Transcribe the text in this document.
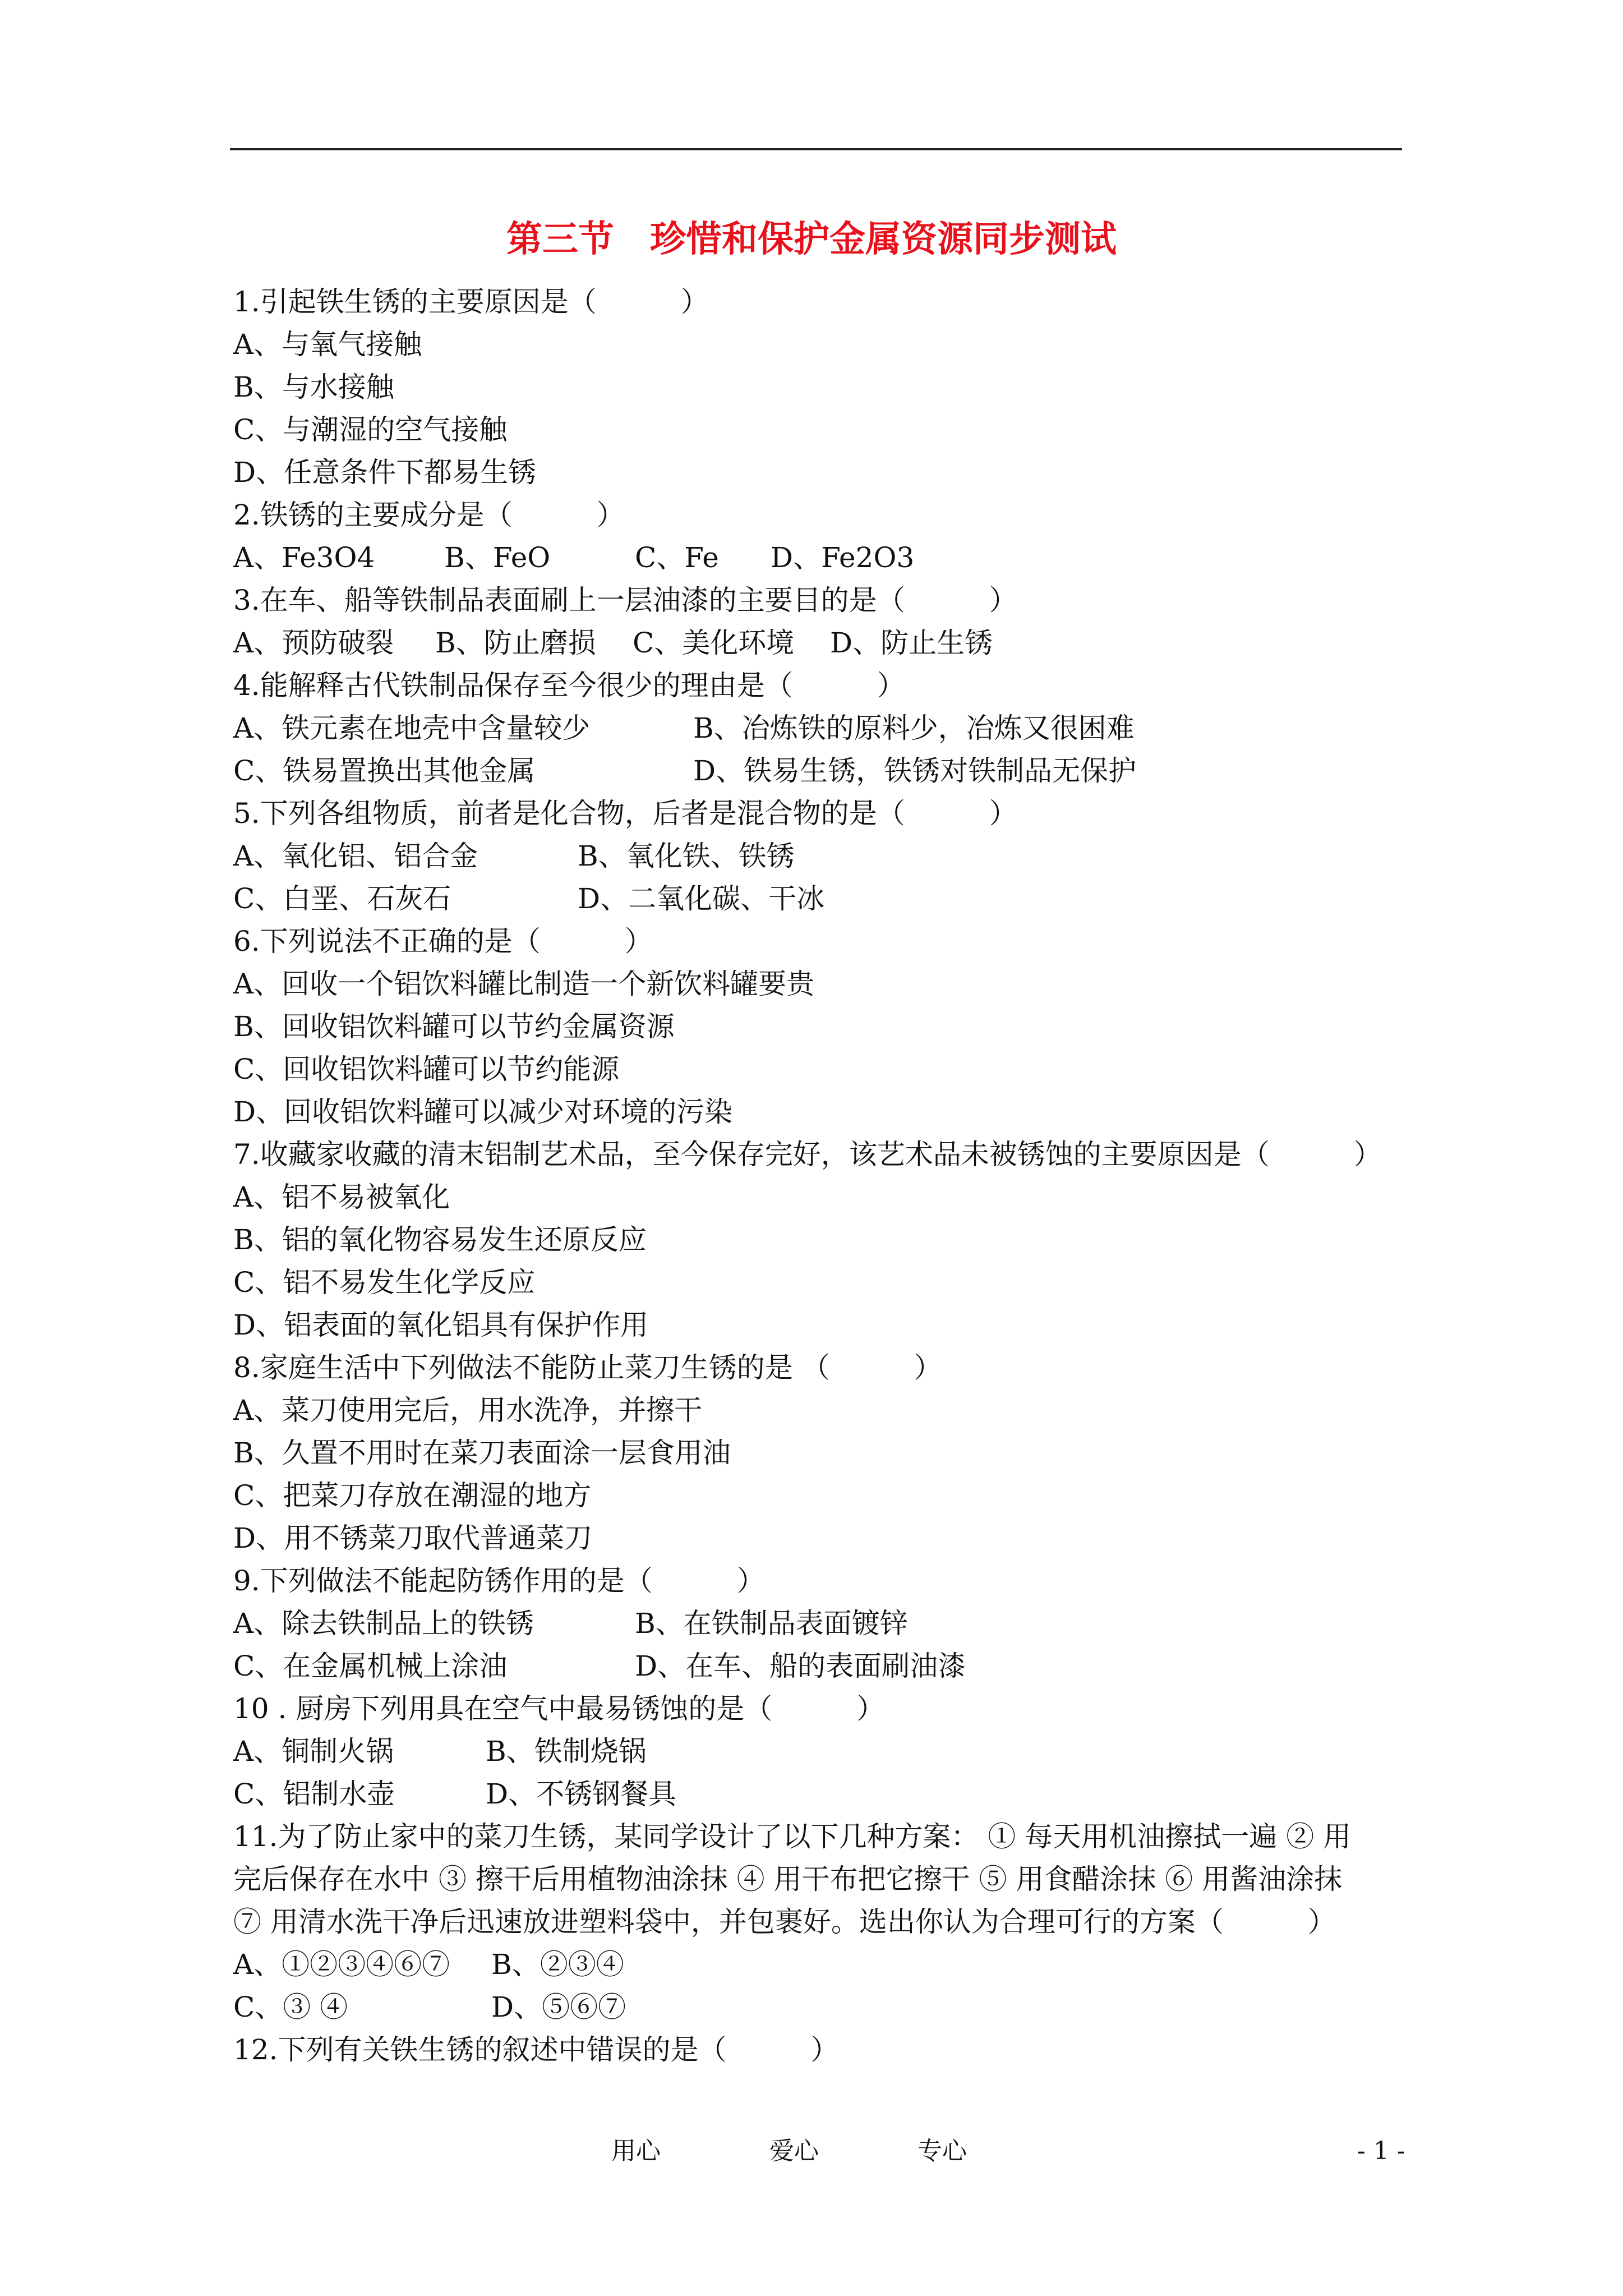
第三节　珍惜和保护金属资源同步测试
1.引起铁生锈的主要原因是（　　　）
A、与氧气接触
B、与水接触
C、与潮湿的空气接触
D、任意条件下都易生锈
2.铁锈的主要成分是（　　　）

A、Fe3O4

B、FeO

	C、Fe

D、Fe2O3

3.在车、船等铁制品表面刷上一层油漆的主要目的是（　　　）

A、预防破裂

B、防止磨损

C、美化环境

D、防止生锈

4.能解释古代铁制品保存至今很少的理由是（　　　）

A、铁元素在地壳中含量较少

	B、冶炼铁的原料少，冶炼又很困难

C、铁易置换出其他金属

	D、铁易生锈，铁锈对铁制品无保护

5.下列各组物质，前者是化合物，后者是混合物的是（　　　）

A、氧化铝、铝合金

	B、氧化铁、铁锈

C、白垩、石灰石

	D、二氧化碳、干冰

6.下列说法不正确的是（　　　）
A、回收一个铝饮料罐比制造一个新饮料罐要贵
B、回收铝饮料罐可以节约金属资源
C、回收铝饮料罐可以节约能源
D、回收铝饮料罐可以减少对环境的污染
7.收藏家收藏的清末铝制艺术品，至今保存完好，该艺术品未被锈蚀的主要原因是（　　　）
A、铝不易被氧化
B、铝的氧化物容易发生还原反应
C、铝不易发生化学反应
D、铝表面的氧化铝具有保护作用
8.家庭生活中下列做法不能防止菜刀生锈的是 （　　　）
A、菜刀使用完后，用水洗净，并擦干
B、久置不用时在菜刀表面涂一层食用油
C、把菜刀存放在潮湿的地方
D、用不锈菜刀取代普通菜刀
9.下列做法不能起防锈作用的是（　　　）

A、除去铁制品上的铁锈

	B、在铁制品表面镀锌

C、在金属机械上涂油

	D、在车、船的表面刷油漆

10 . 厨房下列用具在空气中最易锈蚀的是（　　　）

A、铜制火锅

	B、铁制烧锅

C、铝制水壶

	D、不锈钢餐具

11.为了防止家中的菜刀生锈，某同学设计了以下几种方案： ① 每天用机油擦拭一遍 ② 用
完后保存在水中 ③ 擦干后用植物油涂抹 ④ 用干布把它擦干 ⑤ 用食醋涂抹 ⑥ 用酱油涂抹
⑦ 用清水洗干净后迅速放进塑料袋中，并包裹好。选出你认为合理可行的方案（　　　）

A、①②③④⑥⑦

B、②③④

C、③ ④

	D、⑤⑥⑦

12.下列有关铁生锈的叙述中错误的是（　　　）
用心	爱心	专心	- 1 -
